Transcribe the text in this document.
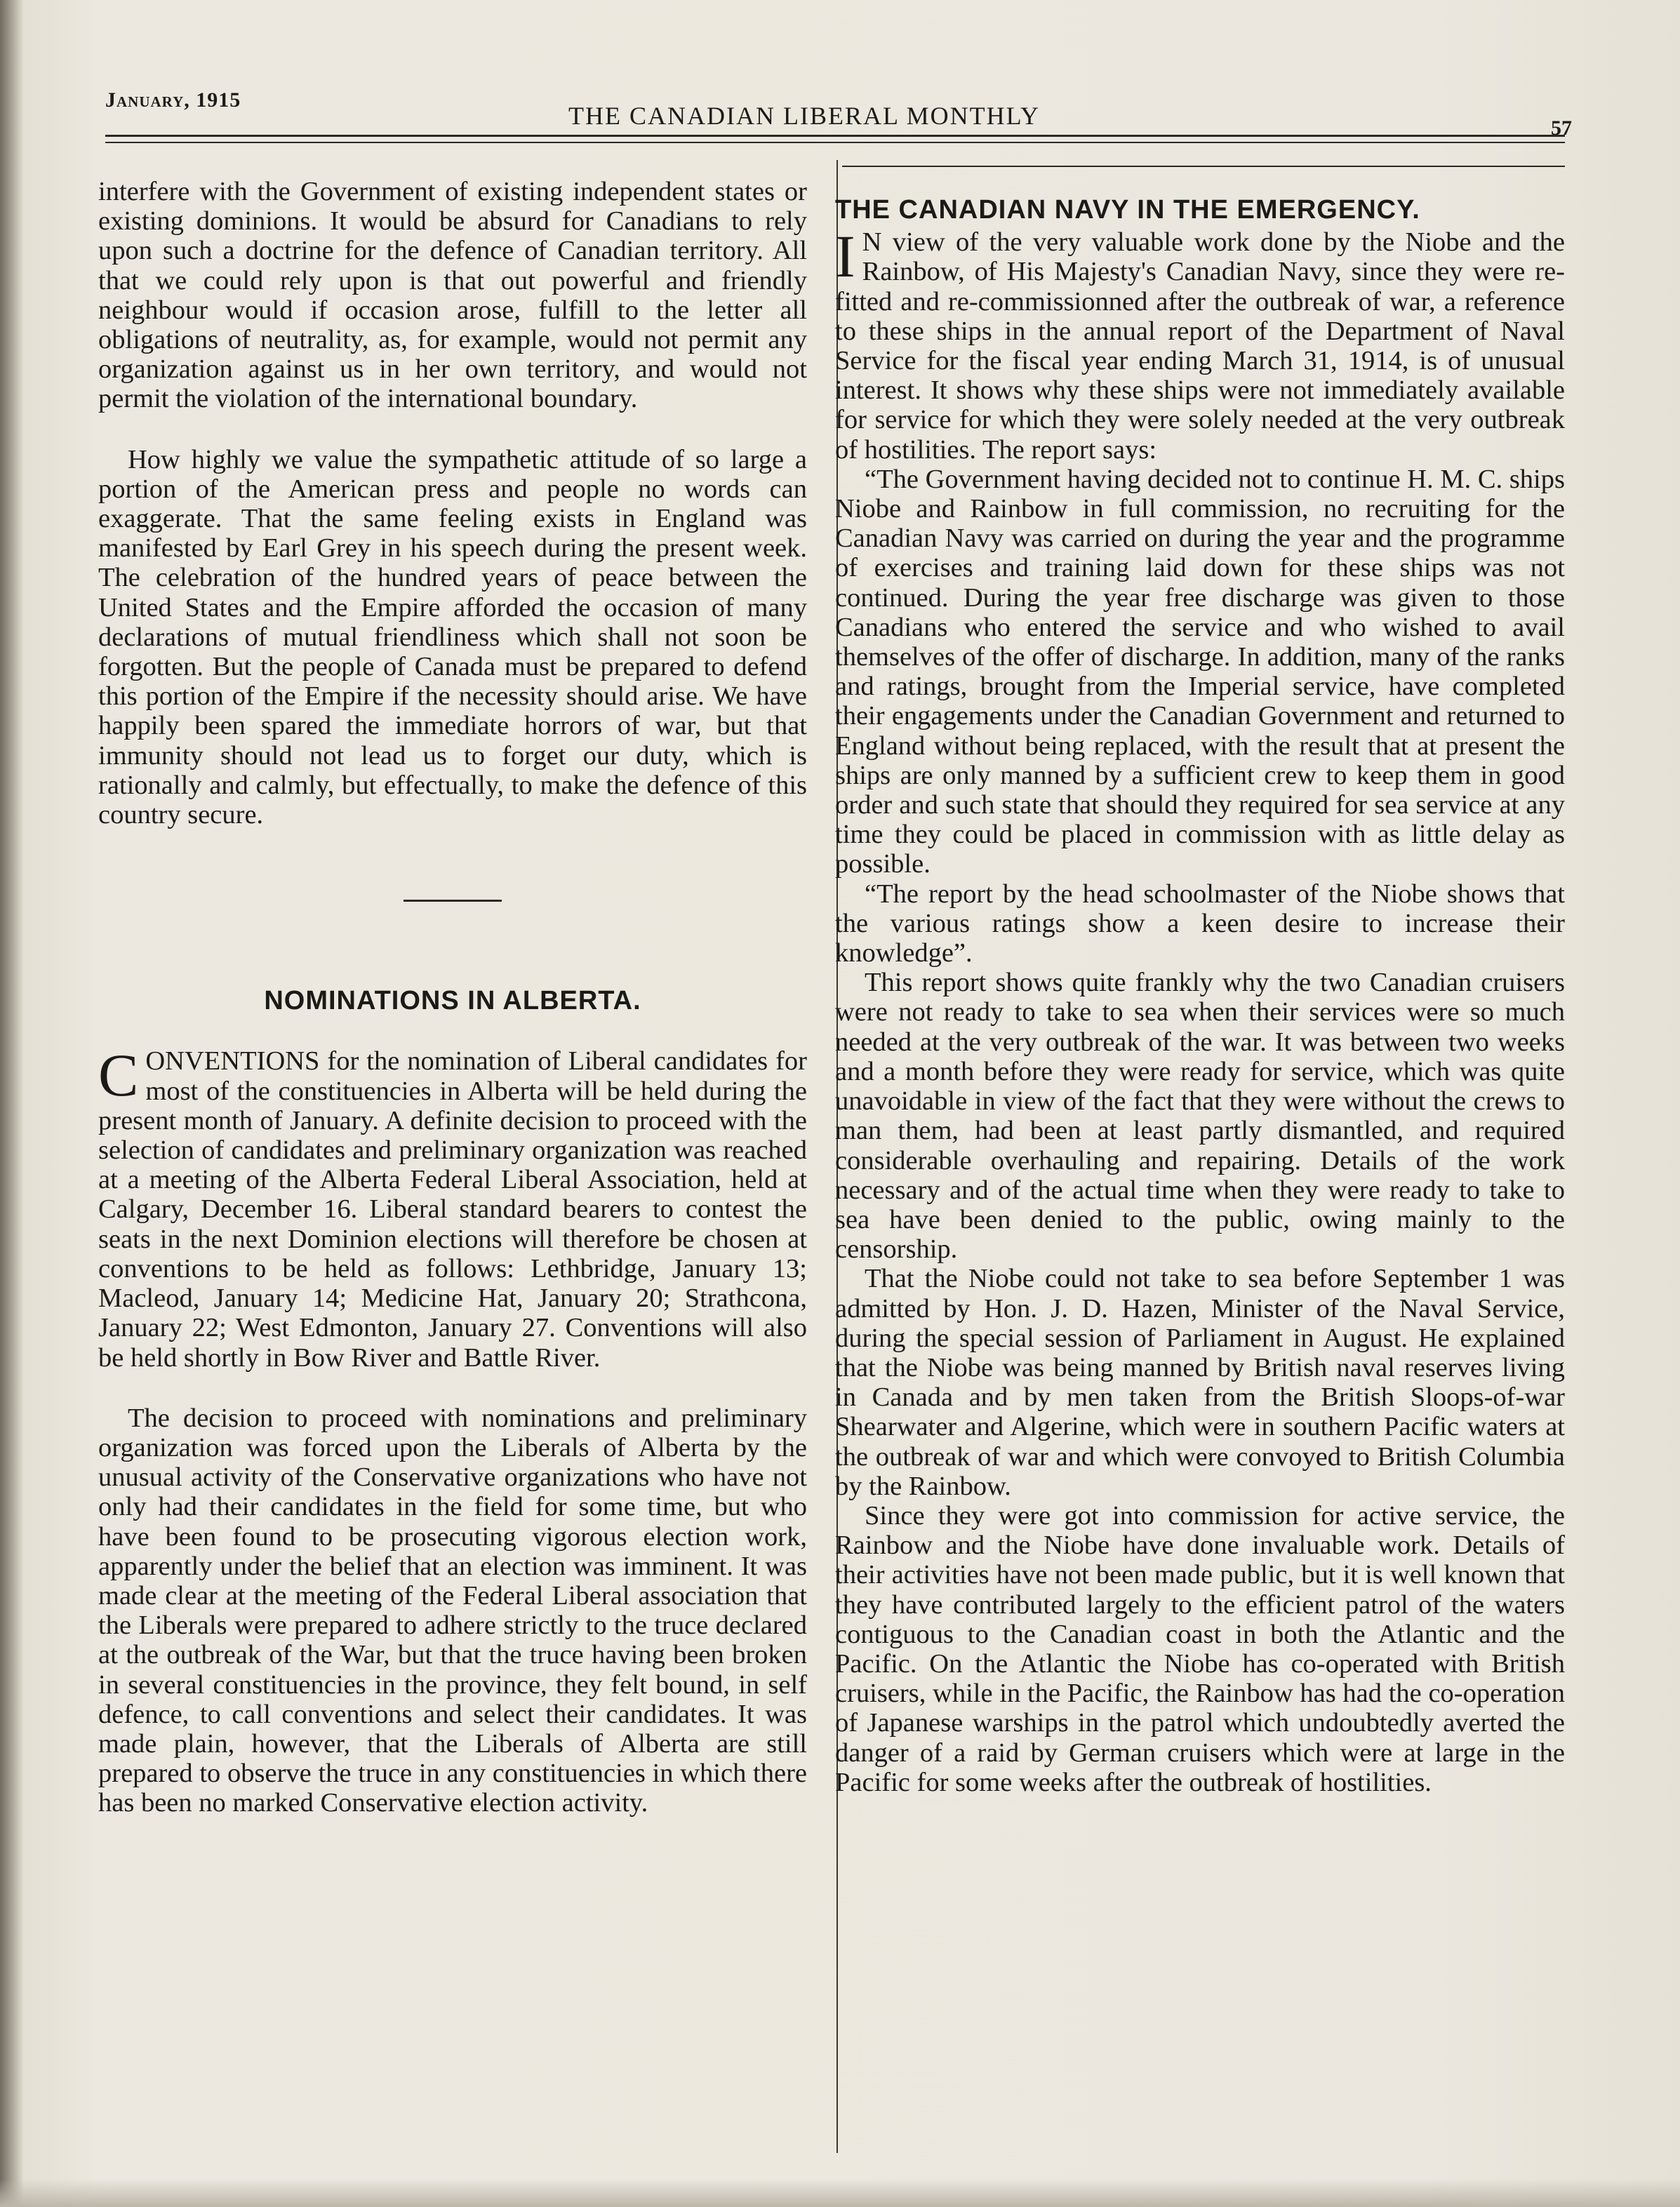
January, 1915
THE CANADIAN LIBERAL MONTHLY	57

interfere with the Government of existing independent states or existing dominions. It would be absurd for Canadians to rely upon such a doctrine for the defence of Canadian territory. All that we could rely upon is that out powerful and friendly neighbour would if occasion arose, fulfill to the letter all obligations of neutrality, as, for example, would not permit any organization against us in her own territory, and would not permit the violation of the international boundary.

How highly we value the sympathetic attitude of so large a portion of the American press and people no words can exaggerate. That the same feeling exists in England was manifested by Earl Grey in his speech during the present week. The celebration of the hundred years of peace between the United States and the Empire afforded the occasion of many declarations of mutual friendliness which shall not soon be forgotten. But the people of Canada must be prepared to defend this portion of the Empire if the necessity should arise. We have happily been spared the immediate horrors of war, but that immunity should not lead us to forget our duty, which is rationally and calmly, but effectually, to make the defence of this country secure.

NOMINATIONS IN ALBERTA.

CONVENTIONS for the nomination of Liberal candidates for most of the constituencies in Alberta will be held during the present month of January. A definite decision to proceed with the selection of candidates and preliminary organization was reached at a meeting of the Alberta Federal Liberal Association, held at Calgary, December 16. Liberal standard bearers to contest the seats in the next Dominion elections will therefore be chosen at conventions to be held as follows: Lethbridge, January 13; Macleod, January 14; Medicine Hat, January 20; Strathcona, January 22; West Edmonton, January 27. Conventions will also be held shortly in Bow River and Battle River.

The decision to proceed with nominations and preliminary organization was forced upon the Liberals of Alberta by the unusual activity of the Conservative organizations who have not only had their candidates in the field for some time, but who have been found to be prosecuting vigorous election work, apparently under the belief that an election was imminent. It was made clear at the meeting of the Federal Liberal association that the Liberals were prepared to adhere strictly to the truce declared at the outbreak of the War, but that the truce having been broken in several constituencies in the province, they felt bound, in self defence, to call conventions and select their candidates. It was made plain, however, that the Liberals of Alberta are still prepared to observe the truce in any constituencies in which there has been no marked Conservative election activity.

THE CANADIAN NAVY IN THE EMERGENCY.

I N view of the very valuable work done by the Niobe and the Rainbow, of His Majesty's Canadian Navy, since they were re-fitted and re-commissionned after the outbreak of war, a reference to these ships in the annual report of the Department of Naval Service for the fiscal year ending March 31, 1914, is of unusual interest. It shows why these ships were not immediately available for service for which they were solely needed at the very outbreak of hostilities. The report says:

“The Government having decided not to continue H. M. C. ships Niobe and Rainbow in full commission, no recruiting for the Canadian Navy was carried on during the year and the programme of exercises and training laid down for these ships was not continued. During the year free discharge was given to those Canadians who entered the service and who wished to avail themselves of the offer of discharge. In addition, many of the ranks and ratings, brought from the Imperial service, have completed their engagements under the Canadian Government and returned to England without being replaced, with the result that at present the ships are only manned by a sufficient crew to keep them in good order and such state that should they required for sea service at any time they could be placed in commission with as little delay as possible.

“The report by the head schoolmaster of the Niobe shows that the various ratings show a keen desire to increase their knowledge”.

This report shows quite frankly why the two Canadian cruisers were not ready to take to sea when their services were so much needed at the very outbreak of the war. It was between two weeks and a month before they were ready for service, which was quite unavoidable in view of the fact that they were without the crews to man them, had been at least partly dismantled, and required considerable overhauling and repairing. Details of the work necessary and of the actual time when they were ready to take to sea have been denied to the public, owing mainly to the censorship.

That the Niobe could not take to sea before September 1 was admitted by Hon. J. D. Hazen, Minister of the Naval Service, during the special session of Parliament in August. He explained that the Niobe was being manned by British naval reserves living in Canada and by men taken from the British Sloops-of-war Shearwater and Algerine, which were in southern Pacific waters at the outbreak of war and which were convoyed to British Columbia by the Rainbow.

Since they were got into commission for active service, the Rainbow and the Niobe have done invaluable work. Details of their activities have not been made public, but it is well known that they have contributed largely to the efficient patrol of the waters contiguous to the Canadian coast in both the Atlantic and the Pacific. On the Atlantic the Niobe has co-operated with British cruisers, while in the Pacific, the Rainbow has had the co-operation of Japanese warships in the patrol which undoubtedly averted the danger of a raid by German cruisers which were at large in the Pacific for some weeks after the outbreak of hostilities.
